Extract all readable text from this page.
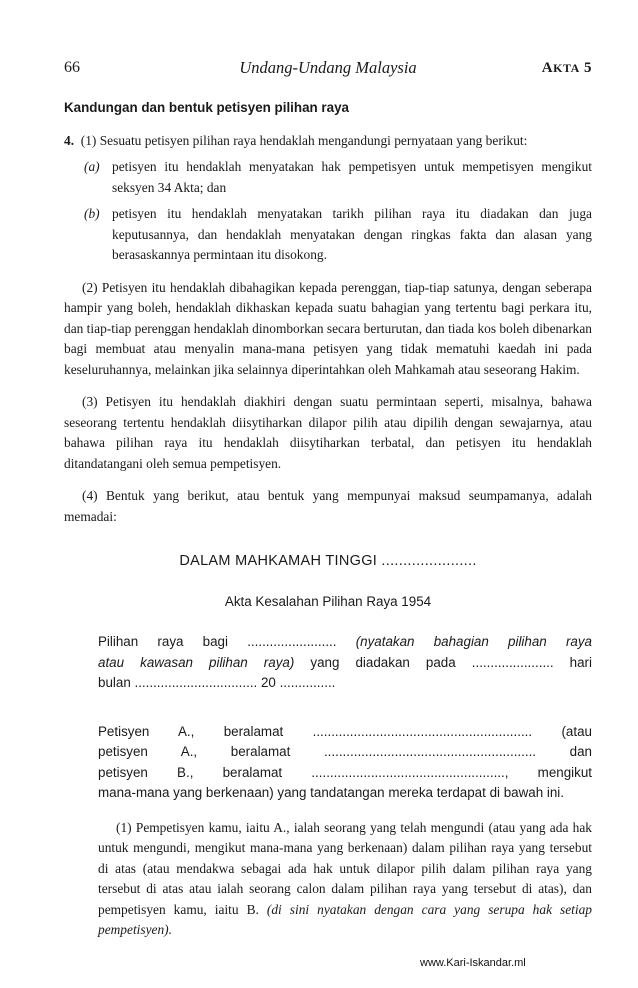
66	Undang-Undang Malaysia	AKTA 5
Kandungan dan bentuk petisyen pilihan raya

4. (1) Sesuatu petisyen pilihan raya hendaklah mengandungi pernyataan yang berikut:

(a) petisyen itu hendaklah menyatakan hak pempetisyen untuk mempetisyen mengikut seksyen 34 Akta; dan
(b) petisyen itu hendaklah menyatakan tarikh pilihan raya itu diadakan dan juga keputusannya, dan hendaklah menyatakan dengan ringkas fakta dan alasan yang berasaskannya permintaan itu disokong.

(2) Petisyen itu hendaklah dibahagikan kepada perenggan, tiap-tiap satunya, dengan seberapa hampir yang boleh, hendaklah dikhaskan kepada suatu bahagian yang tertentu bagi perkara itu, dan tiap-tiap perenggan hendaklah dinomborkan secara berturutan, dan tiada kos boleh dibenarkan bagi membuat atau menyalin mana-mana petisyen yang tidak mematuhi kaedah ini pada keseluruhannya, melainkan jika selainnya diperintahkan oleh Mahkamah atau seseorang Hakim.

(3) Petisyen itu hendaklah diakhiri dengan suatu permintaan seperti, misalnya, bahawa seseorang tertentu hendaklah diisytiharkan dilapor pilih atau dipilih dengan sewajarnya, atau bahawa pilihan raya itu hendaklah diisytiharkan terbatal, dan petisyen itu hendaklah ditandatangani oleh semua pempetisyen.

(4) Bentuk yang berikut, atau bentuk yang mempunyai maksud seumpamanya, adalah memadai:

DALAM MAHKAMAH TINGGI ......................
Akta Kesalahan Pilihan Raya 1954
Pilihan raya bagi ........................ (nyatakan bahagian pilihan raya
atau kawasan pilihan raya) yang diadakan pada ...................... hari
bulan ................................. 20 ...............
Petisyen A., beralamat ........................................................... (atau
petisyen A., beralamat ......................................................... dan
petisyen B., beralamat ...................................................., mengikut
mana-mana yang berkenaan) yang tandatangan mereka terdapat di bawah ini.

(1) Pempetisyen kamu, iaitu A., ialah seorang yang telah mengundi (atau yang ada hak untuk mengundi, mengikut mana-mana yang berkenaan) dalam pilihan raya yang tersebut di atas (atau mendakwa sebagai ada hak untuk dilapor pilih dalam pilihan raya yang tersebut di atas atau ialah seorang calon dalam pilihan raya yang tersebut di atas), dan pempetisyen kamu, iaitu B. (di sini nyatakan dengan cara yang serupa hak setiap pempetisyen).

www.Kari-Iskandar.ml
